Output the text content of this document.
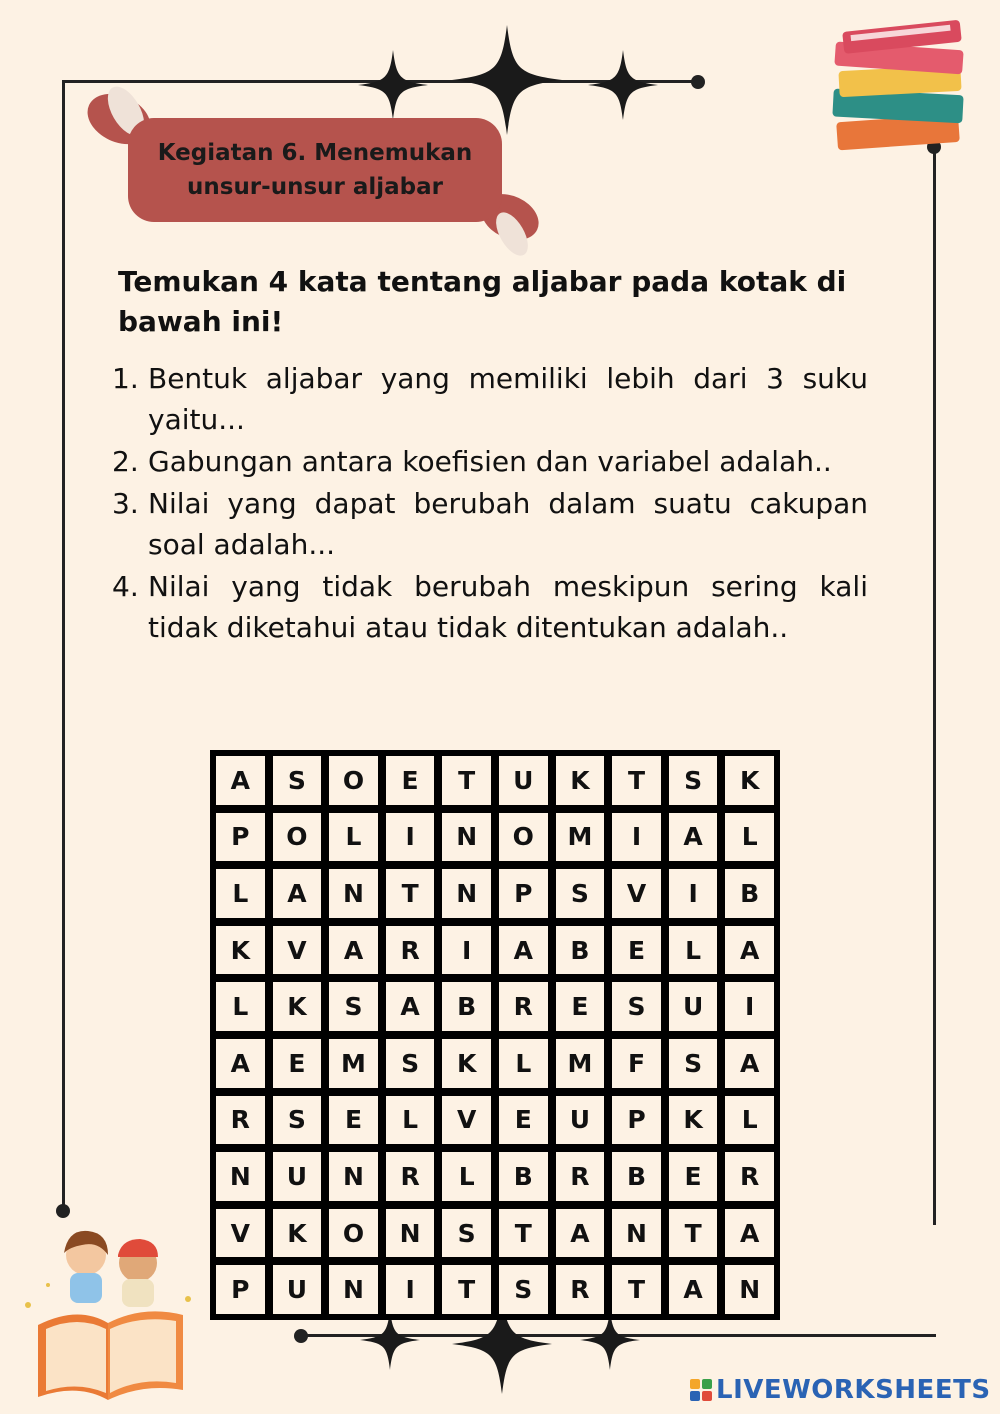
Kegiatan 6. Menemukan
unsur-unsur aljabar
Temukan 4 kata tentang aljabar pada kotak di bawah ini!
1. Bentuk aljabar yang memiliki lebih dari 3 suku yaitu...
2. Gabungan antara koefisien dan variabel adalah..
3. Nilai yang dapat berubah dalam suatu cakupan soal adalah...
4. Nilai yang tidak berubah meskipun sering kali tidak diketahui atau tidak ditentukan adalah..
A	S	O	E	T	U	K	T	S	K
P	O	L	I	N	O	M	I	A	L
L	A	N	T	N	P	S	V	I	B
K	V	A	R	I	A	B	E	L	A
L	K	S	A	B	R	E	S	U	I
A	E	M	S	K	L	M	F	S	A
R	S	E	L	V	E	U	P	K	L
N	U	N	R	L	B	R	B	E	R
V	K	O	N	S	T	A	N	T	A
P	U	N	I	T	S	R	T	A	N
LIVEWORKSHEETS
